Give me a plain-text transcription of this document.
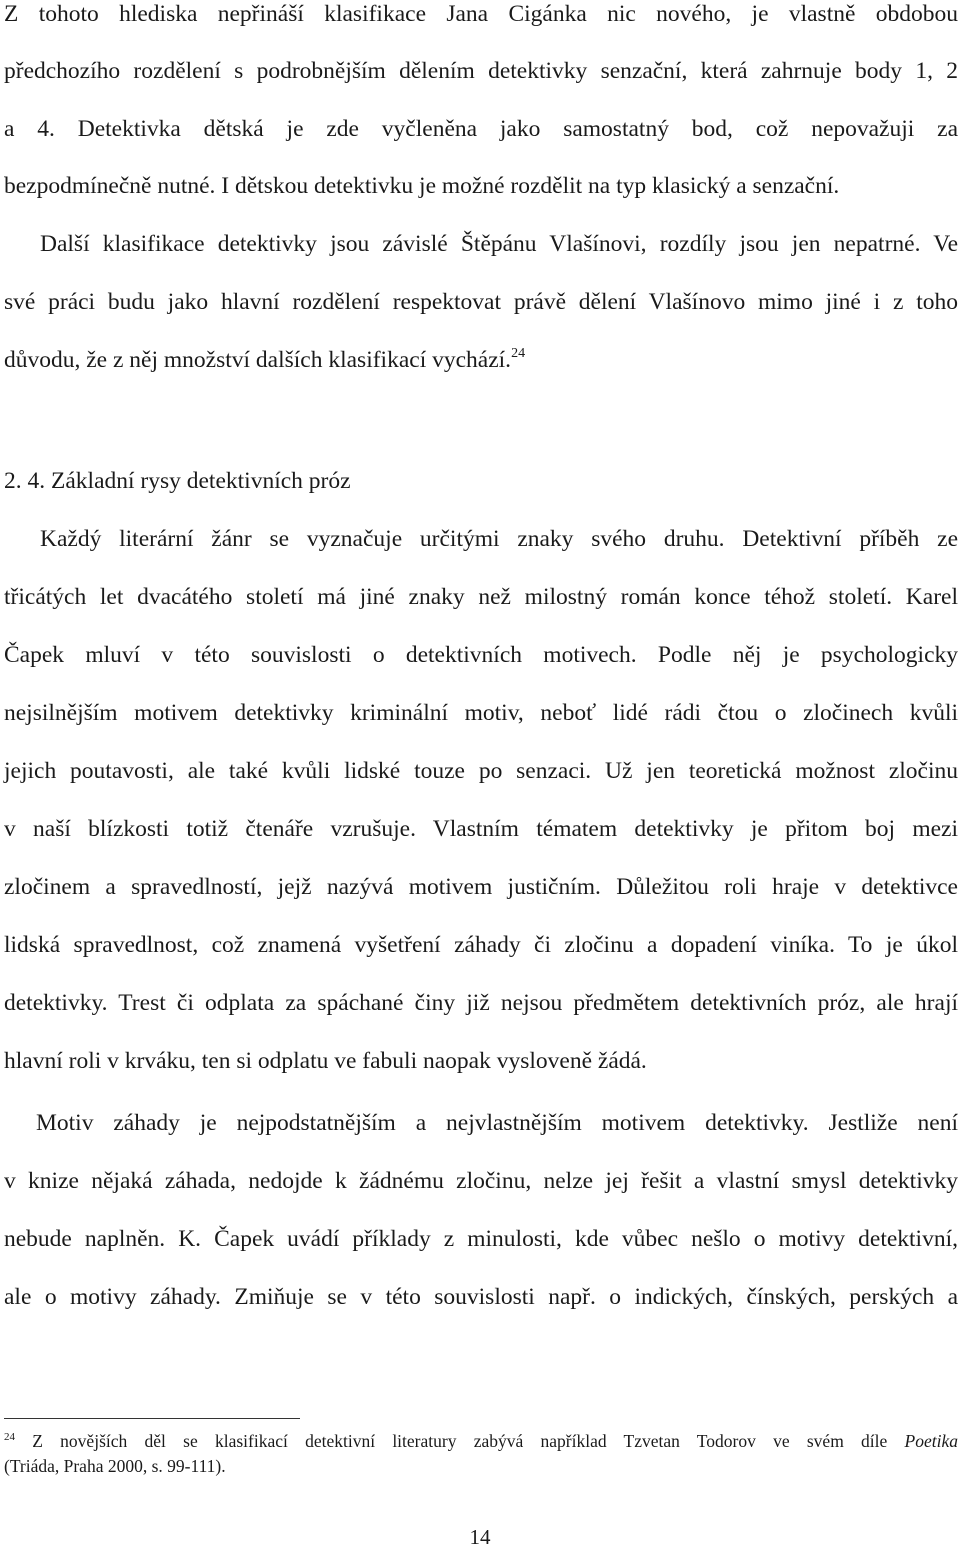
Z tohoto hlediska nepřináší klasifikace Jana Cigánka nic nového, je vlastně obdobou
předchozího rozdělení s podrobnějším dělením detektivky senzační, která zahrnuje body 1, 2
a 4. Detektivka dětská je zde vyčleněna jako samostatný bod, což nepovažuji za
bezpodmínečně nutné. I dětskou detektivku je možné rozdělit na typ klasický a senzační.
Další klasifikace detektivky jsou závislé Štěpánu Vlašínovi, rozdíly jsou jen nepatrné. Ve
své práci budu jako hlavní rozdělení respektovat právě dělení Vlašínovo mimo jiné i z toho
důvodu, že z něj množství dalších klasifikací vychází.$^{24}$
2. 4. Základní rysy detektivních próz
Každý literární žánr se vyznačuje určitými znaky svého druhu. Detektivní příběh ze
třicátých let dvacátého století má jiné znaky než milostný román konce téhož století. Karel
Čapek mluví v této souvislosti o detektivních motivech. Podle něj je psychologicky
nejsilnějším motivem detektivky kriminální motiv, neboť lidé rádi čtou o zločinech kvůli
jejich poutavosti, ale také kvůli lidské touze po senzaci. Už jen teoretická možnost zločinu
v naší blízkosti totiž čtenáře vzrušuje. Vlastním tématem detektivky je přitom boj mezi
zločinem a spravedlností, jejž nazývá motivem justičním. Důležitou roli hraje v detektivce
lidská spravedlnost, což znamená vyšetření záhady či zločinu a dopadení viníka. To je úkol
detektivky. Trest či odplata za spáchané činy již nejsou předmětem detektivních próz, ale hrají
hlavní roli v krváku, ten si odplatu ve fabuli naopak vysloveně žádá.
Motiv záhady je nejpodstatnějším a nejvlastnějším motivem detektivky. Jestliže není
v knize nějaká záhada, nedojde k žádnému zločinu, nelze jej řešit a vlastní smysl detektivky
nebude naplněn. K. Čapek uvádí příklady z minulosti, kde vůbec nešlo o motivy detektivní,
ale o motivy záhady. Zmiňuje se v této souvislosti např. o indických, čínských, perských a
$^{24}$ Z novějších děl se klasifikací detektivní literatury zabývá například Tzvetan Todorov ve svém díle Poetika
(Triáda, Praha 2000, s. 99-111).
14
